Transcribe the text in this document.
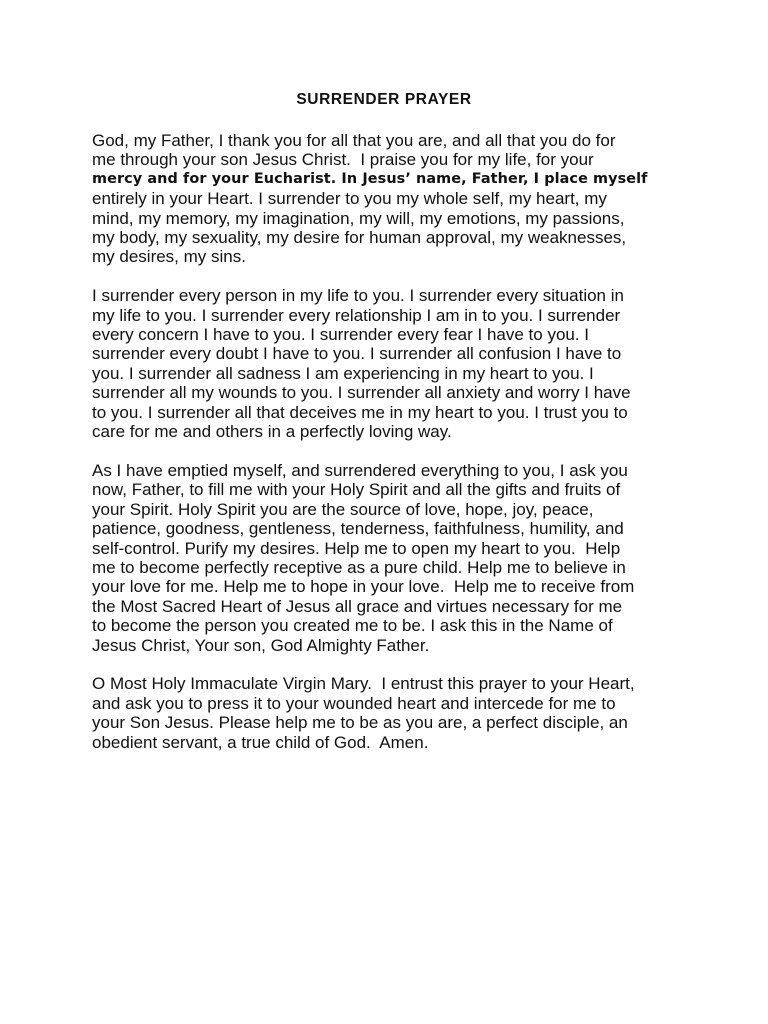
SURRENDER PRAYER

God, my Father, I thank you for all that you are, and all that you do for
me through your son Jesus Christ.  I praise you for my life, for your
mercy and for your Eucharist. In Jesus’ name, Father, I place myself
entirely in your Heart. I surrender to you my whole self, my heart, my
mind, my memory, my imagination, my will, my emotions, my passions,
my body, my sexuality, my desire for human approval, my weaknesses,
my desires, my sins.

I surrender every person in my life to you. I surrender every situation in
my life to you. I surrender every relationship I am in to you. I surrender
every concern I have to you. I surrender every fear I have to you. I
surrender every doubt I have to you. I surrender all confusion I have to
you. I surrender all sadness I am experiencing in my heart to you. I
surrender all my wounds to you. I surrender all anxiety and worry I have
to you. I surrender all that deceives me in my heart to you. I trust you to
care for me and others in a perfectly loving way.

As I have emptied myself, and surrendered everything to you, I ask you
now, Father, to fill me with your Holy Spirit and all the gifts and fruits of
your Spirit. Holy Spirit you are the source of love, hope, joy, peace,
patience, goodness, gentleness, tenderness, faithfulness, humility, and
self-control. Purify my desires. Help me to open my heart to you.  Help
me to become perfectly receptive as a pure child. Help me to believe in
your love for me. Help me to hope in your love.  Help me to receive from
the Most Sacred Heart of Jesus all grace and virtues necessary for me
to become the person you created me to be. I ask this in the Name of
Jesus Christ, Your son, God Almighty Father.

O Most Holy Immaculate Virgin Mary.  I entrust this prayer to your Heart,
and ask you to press it to your wounded heart and intercede for me to
your Son Jesus. Please help me to be as you are, a perfect disciple, an
obedient servant, a true child of God.  Amen.
